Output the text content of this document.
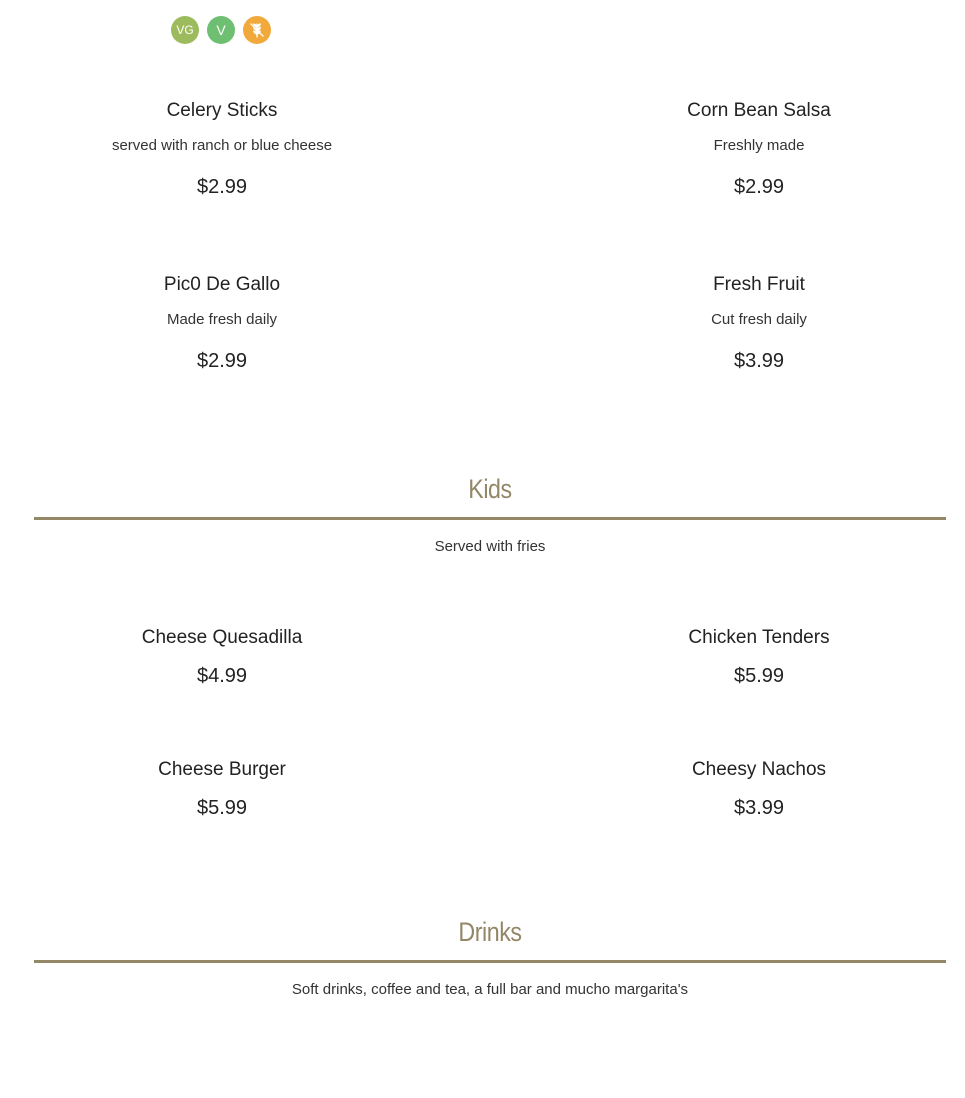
VG V
Celery Sticks
served with ranch or blue cheese
$2.99
Corn Bean Salsa
Freshly made
$2.99
Pic0 De Gallo
Made fresh daily
$2.99
Fresh Fruit
Cut fresh daily
$3.99
Kids
Served with fries
Cheese Quesadilla
$4.99
Chicken Tenders
$5.99
Cheese Burger
$5.99
Cheesy Nachos
$3.99
Drinks
Soft drinks, coffee and tea, a full bar and mucho margarita's
